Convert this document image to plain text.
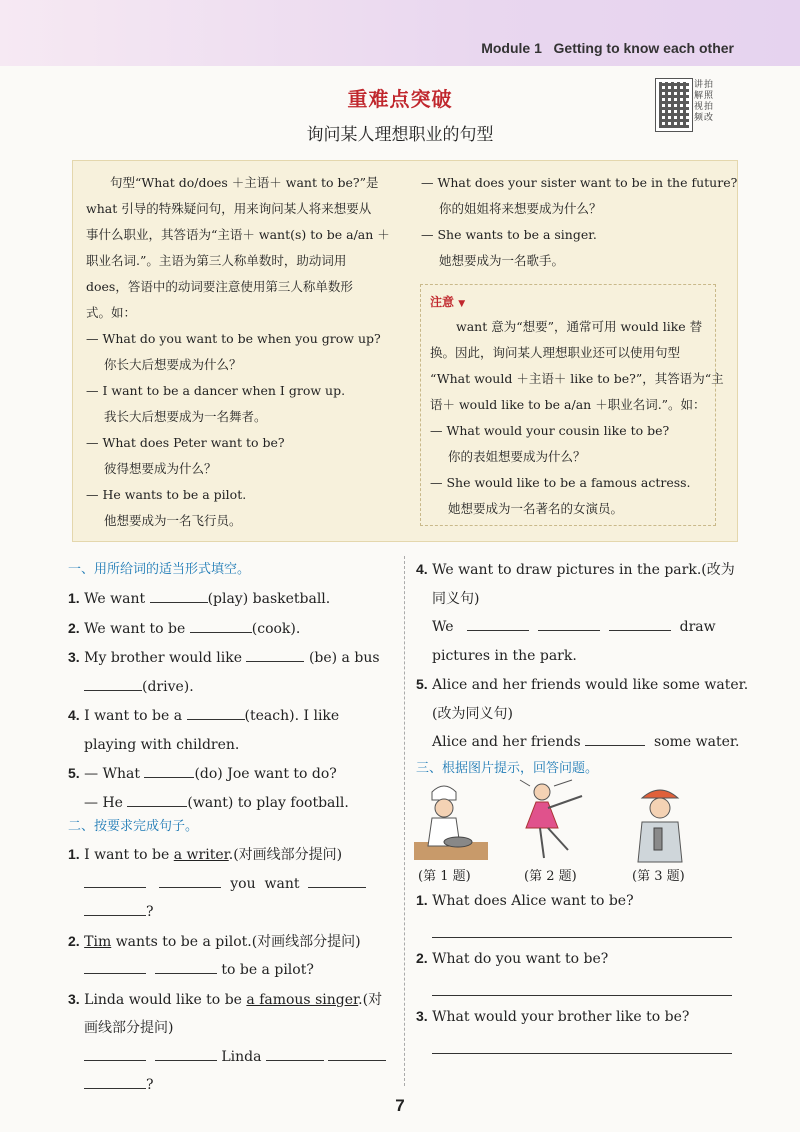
Module 1 Getting to know each other
重难点突破
询问某人理想职业的句型
讲拍
解照
视拍
频改
句型“What do/does ＋主语＋ want to be?”是
what 引导的特殊疑问句，用来询问某人将来想要从
事什么职业，其答语为“主语＋ want(s) to be a/an ＋
职业名词.”。主语为第三人称单数时，助动词用
does，答语中的动词要注意使用第三人称单数形
式。如：
— What do you want to be when you grow up?
你长大后想要成为什么？
— I want to be a dancer when I grow up.
我长大后想要成为一名舞者。
— What does Peter want to be?
彼得想要成为什么？
— He wants to be a pilot.
他想要成为一名飞行员。
— What does your sister want to be in the future?
你的姐姐将来想要成为什么？
— She wants to be a singer.
她想要成为一名歌手。
注意 ▼
want 意为“想要”，通常可用 would like 替
换。因此，询问某人理想职业还可以使用句型
“What would ＋主语＋ like to be?”，其答语为“主
语＋ would like to be a/an ＋职业名词.”。如：
— What would your cousin like to be?
你的表姐想要成为什么？
— She would like to be a famous actress.
她想要成为一名著名的女演员。
一、用所给词的适当形式填空。
1. We want	(play) basketball.
2. We want to be	(cook).
3. My brother would like	(be) a bus
(drive).
4. I want to be a	(teach). I like
playing with children.
5. — What	(do) Joe want to do?
— He	(want) to play football.
二、按要求完成句子。
1. I want to be a writer.(对画线部分提问)
you want
?
2. Tim wants to be a pilot.(对画线部分提问)
to be a pilot?
3. Linda would like to be a famous singer.(对
画线部分提问)
Linda
?
4. We want to draw pictures in the park.(改为
同义句)
We	draw
pictures in the park.
5. Alice and her friends would like some water.
(改为同义句)
Alice and her friends	some water.
三、根据图片提示，回答问题。
(第 1 题)	(第 2 题)	(第 3 题)
1. What does Alice want to be?
2. What do you want to be?
3. What would your brother like to be?
7
